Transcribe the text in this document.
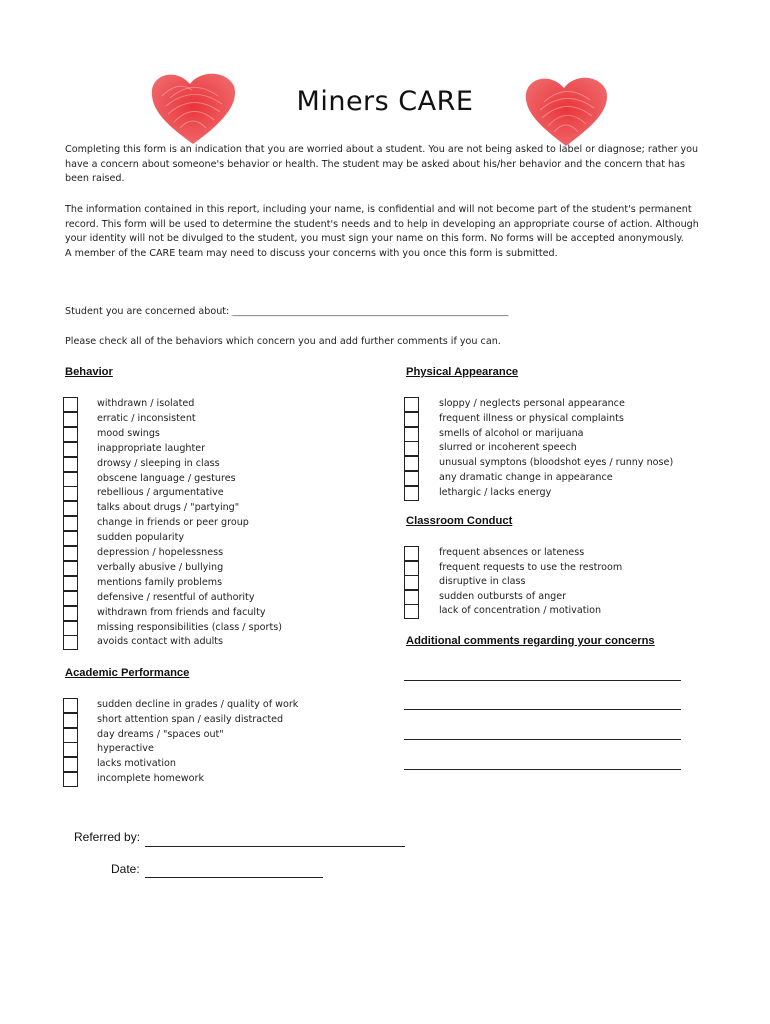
Miners CARE
Completing this form is an indication that you are worried about a student. You are not being asked to label or diagnose; rather you have a concern about someone's behavior or health. The student may be asked about his/her behavior and the concern that has been raised.
The information contained in this report, including your name, is confidential and will not become part of the student's permanent record. This form will be used to determine the student's needs and to help in developing an appropriate course of action. Although your identity will not be divulged to the student, you must sign your name on this form. No forms will be accepted anonymously.
A member of the CARE team may need to discuss your concerns with you once this form is submitted.
Student you are concerned about: _____________________________________________________________________
Please check all of the behaviors which concern you and add further comments if you can.
Behavior	Physical Appearance
Classroom Conduct
Additional comments regarding your concerns
Academic Performance
withdrawn / isolated
erratic / inconsistent
mood swings
inappropriate laughter
drowsy / sleeping in class
obscene language / gestures
rebellious / argumentative
talks about drugs / "partying"
change in friends or peer group
sudden popularity
depression / hopelessness
verbally abusive / bullying
mentions family problems
defensive / resentful of authority
withdrawn from friends and faculty
missing responsibilities (class / sports)
avoids contact with adults
sloppy / neglects personal appearance
frequent illness or physical complaints
smells of alcohol or marijuana
slurred or incoherent speech
unusual symptons (bloodshot eyes / runny nose)
any dramatic change in appearance
lethargic / lacks energy
frequent absences or lateness
frequent requests to use the restroom
disruptive in class
sudden outbursts of anger
lack of concentration / motivation
sudden decline in grades / quality of work
short attention span / easily distracted
day dreams / "spaces out"
hyperactive
lacks motivation
incomplete homework
Referred by:
Date:
